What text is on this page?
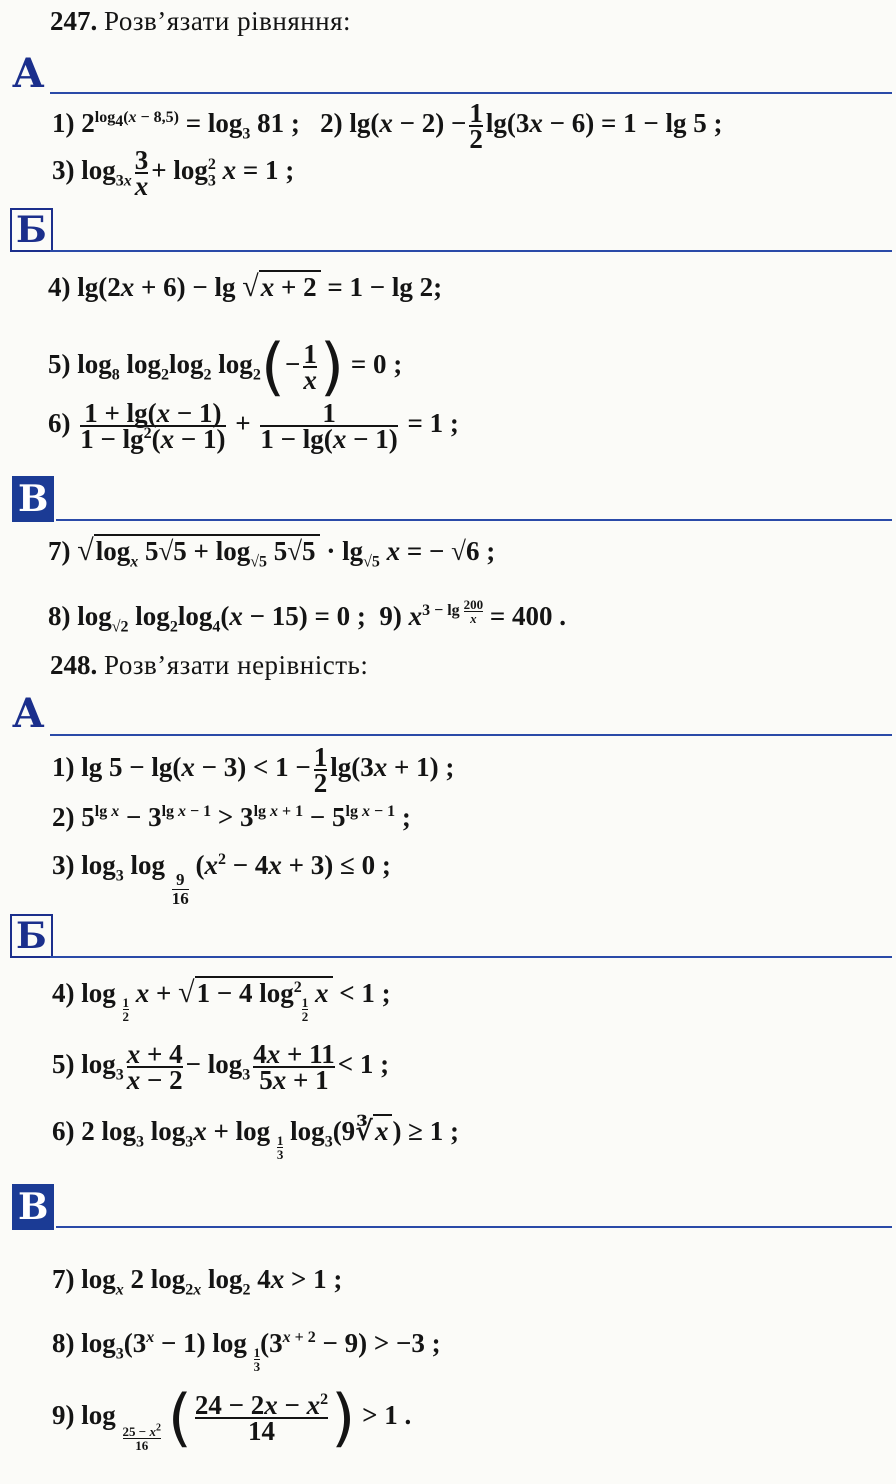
247. Розв’язати рівняння:
А
1) $2^{log_4(x - 8,5)} = \log_3 81$ ;   2) $\lg(x - 2) - \frac{1}{2} \lg(3x - 6) = 1 - \lg 5$ ;
3) $\log_{3x} \frac{3}{x} + \log_3^2 x = 1$ ;
Б
4) lg(2x + 6) − lg √x + 2 = 1 − lg 2;
5) $\log_8 \log_2\log_2$ $\log_2(- \frac{1}{x}$ ) = 0 ;
$6) \frac{1 + \lg(x - 1)}{1 - \lg^2(x - 1)} + \frac{1}{1 - \lg(x - 1)} = 1$ ;
В
7) $√\log_x$ $5√5 + \log_{√5} 5√5 \cdot \lg_{√5} x$ = − √6 ;
8) $\log_{√2} \log_2\log_4(x - 15) = 0$ ;  9) $x^{3 - lg \frac{200}{x}} = 400$ .
248. Розв’язати нерівність:
А
1) $\lg 5 - \lg(x - 3) < 1 - \frac{1}{2} \lg(3x + 1)$ ;
2) $5^{lg x} - 3^{lg x - 1} > 3^{lg x + 1} - 5^{lg x - 1}$ ;
3) $\log_3 \log$
$\frac{9}{16}$
$(x^2 - 4x + 3) \le 0$ ;
Б
4) log
$\frac{1}{2}$
x + √1 − 4 $\log^2$
$\frac{1}{2}$
x < 1 ;
5) $\log_3 \frac{x + 4}{x - 2} - \log_3 \frac{4x + 11}{5x + 1} < 1$ ;
6) 2 $\log_3 \log_3x + \log$
$\frac{1}{3}$
$\log_3(9∛x$ ) ≥ 1 ;
В
7) $\log_x 2$ $\log_{2x} \log_2 4x > 1$ ;
8) $\log_3(3^x - 1)$ log
$\frac{1}{3}$
$(3^{x + 2} - 9) > -3$ ;
9) log
$\frac{25 - x^2}{16}$ ( $\frac{24 - 2x - x^2}{14}$ ) > 1 .
